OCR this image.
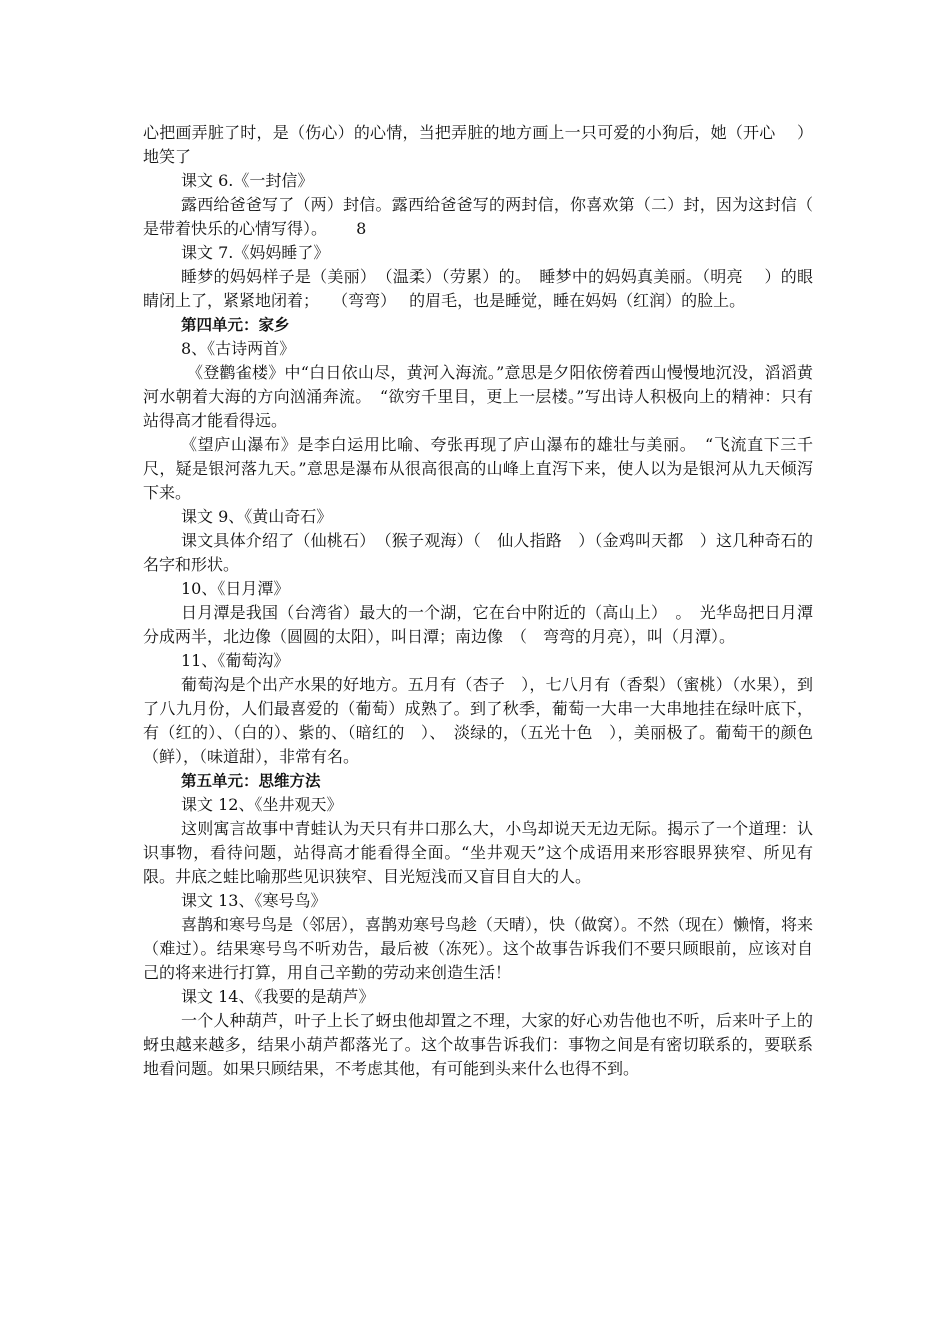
心把画弄脏了时，是（伤心）的心情，当把弄脏的地方画上一只可爱的小狗后，她（开心　 ）地笑了

课文 6.《一封信》

露西给爸爸写了（两）封信。露西给爸爸写的两封信，你喜欢第（二）封，因为这封信（　 是带着快乐的心情写得）。　　 8

课文 7.《妈妈睡了》

睡梦的妈妈样子是（美丽）　（温柔）（劳累）的。　睡梦中的妈妈真美丽。（明亮　 ）的眼睛闭上了，紧紧地闭着；　 （弯弯）　 的眉毛，也是睡觉，睡在妈妈（红润）的脸上。

第四单元：家乡

8、《古诗两首》

《登鹳雀楼》中“白日依山尽，黄河入海流。”意思是夕阳依傍着西山慢慢地沉没，滔滔黄河水朝着大海的方向汹涌奔流。　“欲穷千里目，更上一层楼。”写出诗人积极向上的精神：只有站得高才能看得远。

《望庐山瀑布》是李白运用比喻、夸张再现了庐山瀑布的雄壮与美丽。　“飞流直下三千尺，疑是银河落九天。”意思是瀑布从很高很高的山峰上直泻下来，使人以为是银河从九天倾泻下来。

课文 9、《黄山奇石》

课文具体介绍了（仙桃石）　（猴子观海）（　仙人指路　）（金鸡叫天都　）这几种奇石的名字和形状。

10、《日月潭》

日月潭是我国（台湾省）最大的一个湖，它在台中附近的（高山上）　。　光华岛把日月潭分成两半，北边像（圆圆的太阳），叫日潭；南边像　（　弯弯的月亮），叫（月潭）。

11、《葡萄沟》

葡萄沟是个出产水果的好地方。五月有（杏子　），七八月有（香梨）（蜜桃）（水果），到了八九月份，人们最喜爱的（葡萄）成熟了。到了秋季，葡萄一大串一大串地挂在绿叶底下，有（红的）、（白的）、紫的、（暗红的　）、　淡绿的，（五光十色　），美丽极了。葡萄干的颜色（鲜），（味道甜），非常有名。

第五单元：思维方法

课文 12、《坐井观天》

这则寓言故事中青蛙认为天只有井口那么大，小鸟却说天无边无际。揭示了一个道理：认识事物，看待问题，站得高才能看得全面。“坐井观天”这个成语用来形容眼界狭窄、所见有限。井底之蛙比喻那些见识狭窄、目光短浅而又盲目自大的人。

课文 13、《寒号鸟》

喜鹊和寒号鸟是（邻居），喜鹊劝寒号鸟趁（天晴），快（做窝）。不然（现在）懒惰，将来（难过）。结果寒号鸟不听劝告，最后被（冻死）。这个故事告诉我们不要只顾眼前，应该对自己的将来进行打算，用自己辛勤的劳动来创造生活！

课文 14、《我要的是葫芦》

一个人种葫芦，叶子上长了蚜虫他却置之不理，大家的好心劝告他也不听，后来叶子上的蚜虫越来越多，结果小葫芦都落光了。这个故事告诉我们：事物之间是有密切联系的，要联系地看问题。如果只顾结果，不考虑其他，有可能到头来什么也得不到。
